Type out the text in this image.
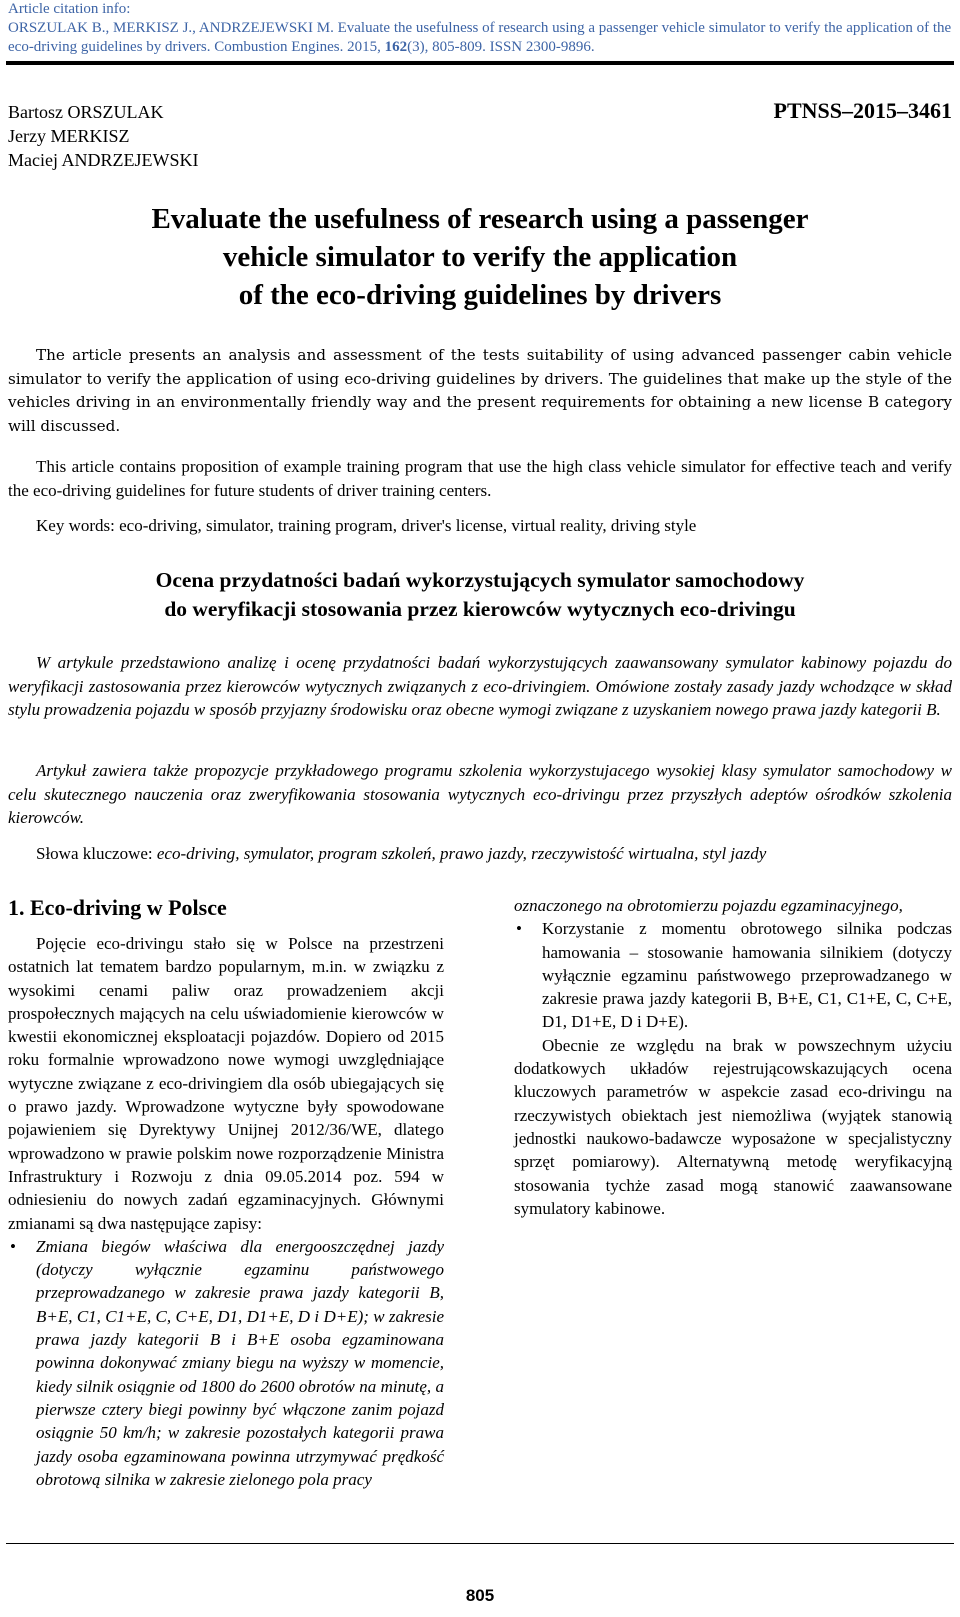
Article citation info:
ORSZULAK B., MERKISZ J., ANDRZEJEWSKI M. Evaluate the usefulness of research using a passenger vehicle simulator to verify the application of the eco-driving guidelines by drivers. Combustion Engines. 2015, 162(3), 805-809. ISSN 2300-9896.
Bartosz ORSZULAK
Jerzy MERKISZ
Maciej ANDRZEJEWSKI
PTNSS–2015–3461
Evaluate the usefulness of research using a passenger
vehicle simulator to verify the application
of the eco-driving guidelines by drivers

The article presents an analysis and assessment of the tests suitability of using advanced passenger cabin vehicle simulator to verify the application of using eco-driving guidelines by drivers. The guidelines that make up the style of the vehicles driving in an environmentally friendly way and the present requirements for obtaining a new license B category will discussed.

This article contains proposition of example training program that use the high class vehicle simulator for effective teach and verify the eco-driving guidelines for future students of driver training centers.

Key words: eco-driving, simulator, training program, driver's license, virtual reality, driving style

Ocena przydatności badań wykorzystujących symulator samochodowy
do weryfikacji stosowania przez kierowców wytycznych eco-drivingu

W artykule przedstawiono analizę i ocenę przydatności badań wykorzystujących zaawansowany symulator kabinowy pojazdu do weryfikacji zastosowania przez kierowców wytycznych związanych z eco-drivingiem. Omówione zostały zasady jazdy wchodzące w skład stylu prowadzenia pojazdu w sposób przyjazny środowisku oraz obecne wymogi związane z uzyskaniem nowego prawa jazdy kategorii B.

Artykuł zawiera także propozycje przykładowego programu szkolenia wykorzystujacego wysokiej klasy symulator samochodowy w celu skutecznego nauczenia oraz zweryfikowania stosowania wytycznych eco-drivingu przez przyszłych adeptów ośrodków szkolenia kierowców.

Słowa kluczowe: eco-driving, symulator, program szkoleń, prawo jazdy, rzeczywistość wirtualna, styl jazdy

1. Eco-driving w Polsce

Pojęcie eco-drivingu stało się w Polsce na przestrzeni ostatnich lat tematem bardzo popularnym, m.in. w związku z wysokimi cenami paliw oraz prowadzeniem akcji prospołecznych mających na celu uświadomienie kierowców w kwestii ekonomicznej eksploatacji pojazdów. Dopiero od 2015 roku formalnie wprowadzono nowe wymogi uwzględniające wytyczne związane z eco-drivingiem dla osób ubiegających się o prawo jazdy. Wprowadzone wytyczne były spowodowane pojawieniem się Dyrektywy Unijnej 2012/36/WE, dlatego wprowadzono w prawie polskim nowe rozporządzenie Ministra Infrastruktury i Rozwoju z dnia 09.05.2014 poz. 594 w odniesieniu do nowych zadań egzaminacyjnych. Głównymi zmianami są dwa następujące zapisy:

• Zmiana biegów właściwa dla energooszczędnej jazdy (dotyczy wyłącznie egzaminu państwowego przeprowadzanego w zakresie prawa jazdy kategorii B, B+E, C1, C1+E, C, C+E, D1, D1+E, D i D+E); w zakresie prawa jazdy kategorii B i B+E osoba egzaminowana powinna dokonywać zmiany biegu na wyższy w momencie, kiedy silnik osiągnie od 1800 do 2600 obrotów na minutę, a pierwsze cztery biegi powinny być włączone zanim pojazd osiągnie 50 km/h; w zakresie pozostałych kategorii prawa jazdy osoba egzaminowana powinna utrzymywać prędkość obrotową silnika w zakresie zielonego pola pracy

oznaczonego na obrotomierzu pojazdu egzaminacyjnego,

• Korzystanie z momentu obrotowego silnika podczas hamowania – stosowanie hamowania silnikiem (dotyczy wyłącznie egzaminu państwowego przeprowadzanego w zakresie prawa jazdy kategorii B, B+E, C1, C1+E, C, C+E, D1, D1+E, D i D+E).

Obecnie ze względu na brak w powszechnym użyciu dodatkowych układów rejestrującowskazujących ocena kluczowych parametrów w aspekcie zasad eco-drivingu na rzeczywistych obiektach jest niemożliwa (wyjątek stanowią jednostki naukowo-badawcze wyposażone w specjalistyczny sprzęt pomiarowy). Alternatywną metodę weryfikacyjną stosowania tychże zasad mogą stanowić zaawansowane symulatory kabinowe.

805
